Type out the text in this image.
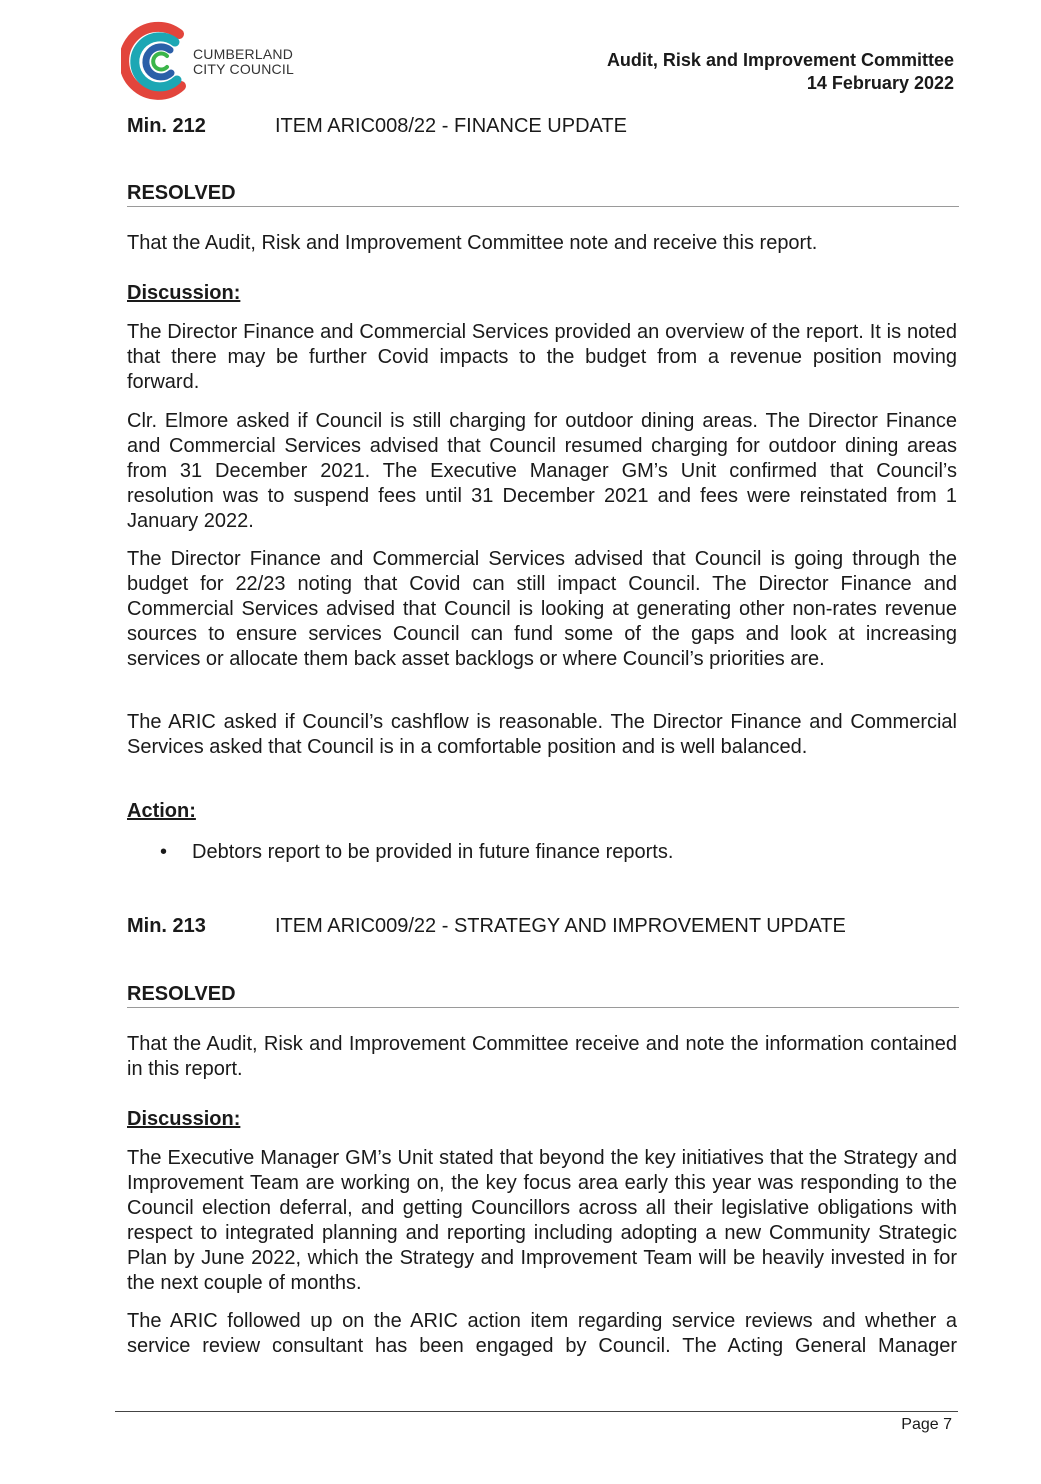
CUMBERLAND
CITY COUNCIL	Audit, Risk and Improvement Committee
14 February 2022
Min. 212	ITEM ARIC008/22 - FINANCE UPDATE
RESOLVED
That the Audit, Risk and Improvement Committee note and receive this report.
Discussion:
The Director Finance and Commercial Services provided an overview of the report. It is noted that there may be further Covid impacts to the budget from a revenue position moving forward.
Clr. Elmore asked if Council is still charging for outdoor dining areas. The Director Finance and Commercial Services advised that Council resumed charging for outdoor dining areas from 31 December 2021. The Executive Manager GM’s Unit confirmed that Council’s resolution was to suspend fees until 31 December 2021 and fees were reinstated from 1 January 2022.
The Director Finance and Commercial Services advised that Council is going through the budget for 22/23 noting that Covid can still impact Council. The Director Finance and Commercial Services advised that Council is looking at generating other non-rates revenue sources to ensure services Council can fund some of the gaps and look at increasing services or allocate them back asset backlogs or where Council’s priorities are.
The ARIC asked if Council’s cashflow is reasonable. The Director Finance and Commercial Services asked that Council is in a comfortable position and is well balanced.
Action:
• Debtors report to be provided in future finance reports.
Min. 213	ITEM ARIC009/22 - STRATEGY AND IMPROVEMENT UPDATE
RESOLVED
That the Audit, Risk and Improvement Committee receive and note the information contained in this report.
Discussion:
The Executive Manager GM’s Unit stated that beyond the key initiatives that the Strategy and Improvement Team are working on, the key focus area early this year was responding to the Council election deferral, and getting Councillors across all their legislative obligations with respect to integrated planning and reporting including adopting a new Community Strategic Plan by June 2022, which the Strategy and Improvement Team will be heavily invested in for the next couple of months.
The ARIC followed up on the ARIC action item regarding service reviews and whether a service review consultant has been engaged by Council. The Acting General Manager
Page 7
